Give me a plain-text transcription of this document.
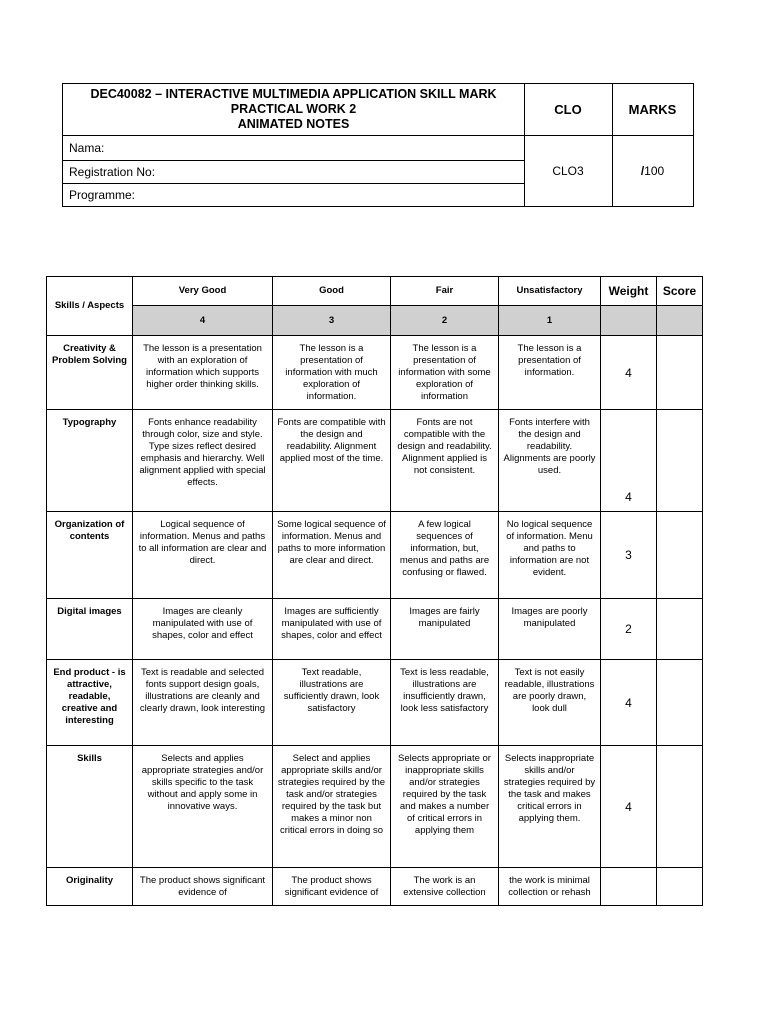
DEC40082 – INTERACTIVE MULTIMEDIA APPLICATION SKILL MARK
PRACTICAL WORK 2
ANIMATED NOTES
CLO	MARKS
Nama:
Registration No:
Programme:
CLO3	/ 100
Skills / Aspects	Very Good	Good	Fair	Unsatisfactory	Weight	Score
	4	3	2	1		
Creativity & Problem Solving	The lesson is a presentation with an exploration of information which supports higher order thinking skills.	The lesson is a presentation of information with much exploration of information.	The lesson is a presentation of information with some exploration of information	The lesson is a presentation of information.	4	
Typography	Fonts enhance readability through color, size and style. Type sizes reflect desired emphasis and hierarchy. Well alignment applied with special effects.	Fonts are compatible with the design and readability. Alignment applied most of the time.	Fonts are not compatible with the design and readability. Alignment applied is not consistent.	Fonts interfere with the design and readability. Alignments are poorly used.	4	
Organization of contents	Logical sequence of information. Menus and paths to all information are clear and direct.	Some logical sequence of information. Menus and paths to more information are clear and direct.	A few logical sequences of information, but, menus and paths are confusing or flawed.	No logical sequence of information. Menu and paths to information are not evident.	3	
Digital images	Images are cleanly manipulated with use of shapes, color and effect	Images are sufficiently manipulated with use of shapes, color and effect	Images are fairly manipulated	Images are poorly manipulated	2	
End product - is attractive, readable, creative and interesting	Text is readable and selected fonts support design goals, illustrations are cleanly and clearly drawn, look interesting	Text readable, illustrations are sufficiently drawn, look satisfactory	Text is less readable, illustrations are insufficiently drawn, look less satisfactory	Text is not easily readable, illustrations are poorly drawn, look dull	4	
Skills	Selects and applies appropriate strategies and/or skills specific to the task without and apply some in innovative ways.	Select and applies appropriate skills and/or strategies required by the task and/or strategies required by the task but makes a minor non critical errors in doing so	Selects appropriate or inappropriate skills and/or strategies required by the task and makes a number of critical errors in applying them	Selects inappropriate skills and/or strategies required by the task and makes critical errors in applying them.	4	
Originality	The product shows significant evidence of	The product shows significant evidence of	The work is an extensive collection	the work is minimal collection or rehash		
